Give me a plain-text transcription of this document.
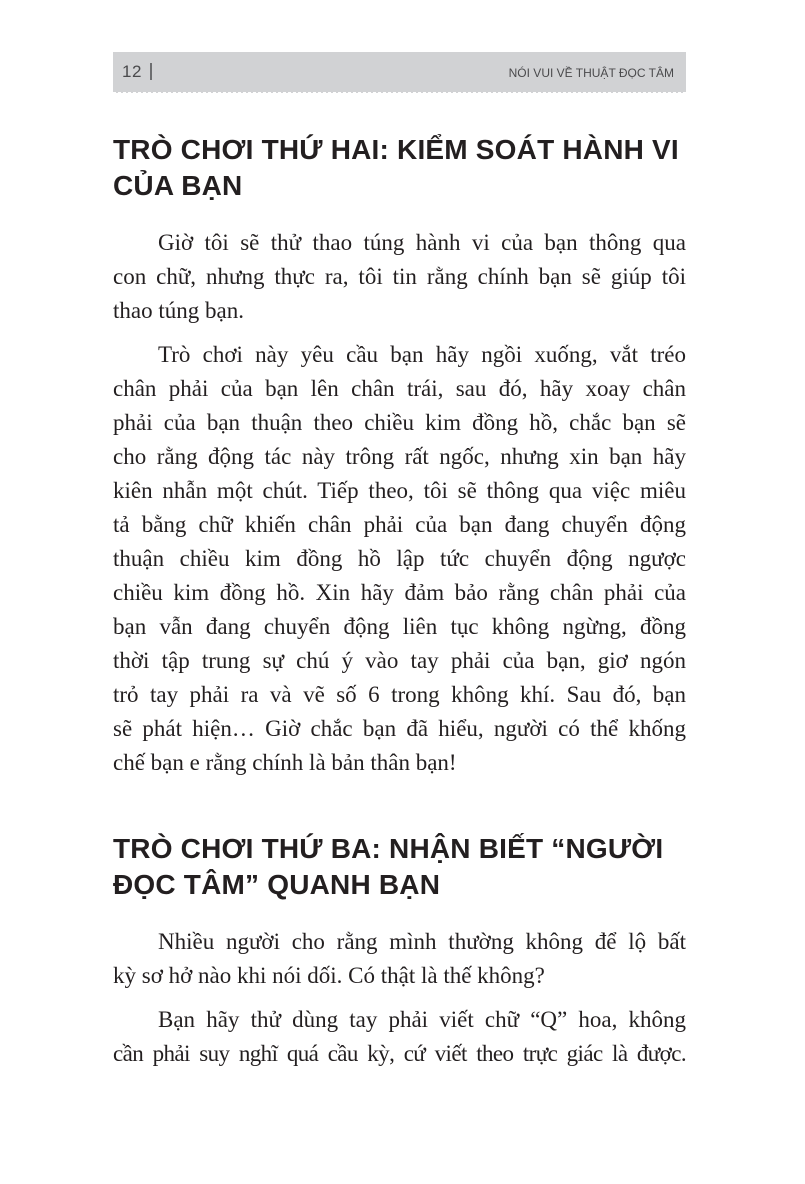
12	NÓI VUI VỀ THUẬT ĐỌC TÂM
TRÒ CHƠI THỨ HAI: KIỂM SOÁT HÀNH VI
CỦA BẠN
Giờ tôi sẽ thử thao túng hành vi của bạn thông qua
con chữ, nhưng thực ra, tôi tin rằng chính bạn sẽ giúp tôi
thao túng bạn.
Trò chơi này yêu cầu bạn hãy ngồi xuống, vắt tréo
chân phải của bạn lên chân trái, sau đó, hãy xoay chân
phải của bạn thuận theo chiều kim đồng hồ, chắc bạn sẽ
cho rằng động tác này trông rất ngốc, nhưng xin bạn hãy
kiên nhẫn một chút. Tiếp theo, tôi sẽ thông qua việc miêu
tả bằng chữ khiến chân phải của bạn đang chuyển động
thuận chiều kim đồng hồ lập tức chuyển động ngược
chiều kim đồng hồ. Xin hãy đảm bảo rằng chân phải của
bạn vẫn đang chuyển động liên tục không ngừng, đồng
thời tập trung sự chú ý vào tay phải của bạn, giơ ngón
trỏ tay phải ra và vẽ số 6 trong không khí. Sau đó, bạn
sẽ phát hiện… Giờ chắc bạn đã hiểu, người có thể khống
chế bạn e rằng chính là bản thân bạn!
TRÒ CHƠI THỨ BA: NHẬN BIẾT “NGƯỜI
ĐỌC TÂM” QUANH BẠN
Nhiều người cho rằng mình thường không để lộ bất
kỳ sơ hở nào khi nói dối. Có thật là thế không?
Bạn hãy thử dùng tay phải viết chữ “Q” hoa, không
cần phải suy nghĩ quá cầu kỳ, cứ viết theo trực giác là được.
